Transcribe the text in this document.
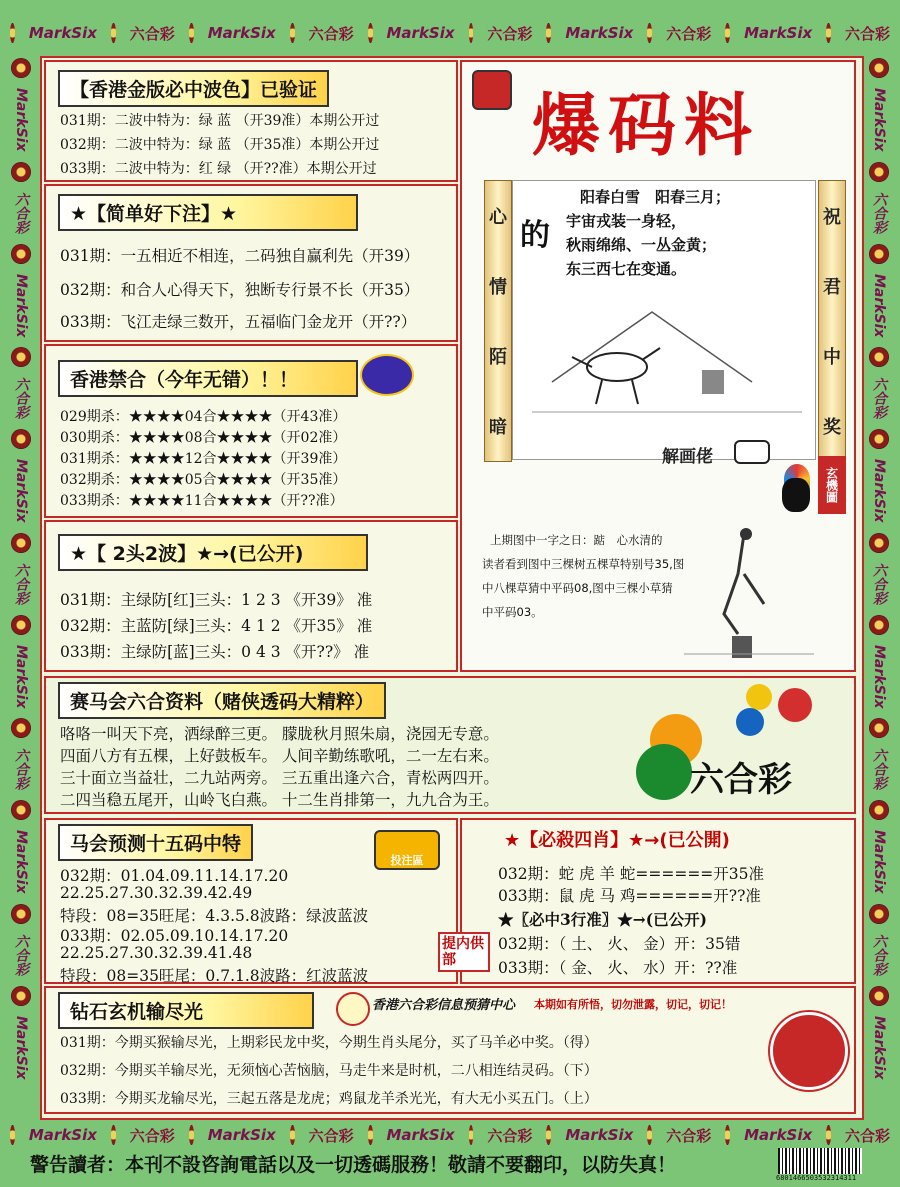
MarkSix 六合彩 MarkSix 六合彩 MarkSix 六合彩 MarkSix 六合彩 MarkSix 六合彩
MarkSix 六合彩 MarkSix 六合彩 MarkSix 六合彩 MarkSix 六合彩 MarkSix 六合彩
MarkSix
六合彩
MarkSix
六合彩
MarkSix
六合彩
MarkSix
六合彩
MarkSix
六合彩
MarkSix
MarkSix
六合彩
MarkSix
六合彩
MarkSix
六合彩
MarkSix
六合彩
MarkSix
六合彩
MarkSix
【香港金版必中波色】已验证
031期：二波中特为：绿 蓝 （开39准）本期公开过
032期：二波中特为：绿 蓝 （开35准）本期公开过
033期：二波中特为：红 绿 （开??准）本期公开过
★【简单好下注】★
031期：一五相近不相连，二码独自赢利先（开39）
032期：和合人心得天下，独断专行景不长（开35）
033期：飞江走绿三数开，五福临门金龙开（开??）
香港禁合（今年无错）！！
029期杀：★★★★04合★★★★（开43准）
030期杀：★★★★08合★★★★（开02准）
031期杀：★★★★12合★★★★（开39准）
032期杀：★★★★05合★★★★（开35准）
033期杀：★★★★11合★★★★（开??准）
★【 2头2波】★→(已公开)
031期：主绿防[红]三头：1 2 3 《开39》 准
032期：主蓝防[绿]三头：4 1 2 《开35》 准
033期：主绿防[蓝]三头：0 4 3 《开??》 准
爆码料
心
情
陌
暗
祝
君
中
奖
的
阳春白雪　阳春三月；
宇宙戎装一身轻，
秋雨绵绵、一丛金黄；
东三西七在变通。
解画佬
玄機圖
上期图中一字之日：踮　心水清的
读者看到图中三棵树五棵草特别号35,图
中八棵草猜中平码08,图中三棵小草猜
中平码03。
赛马会六合资料（赌侠透码大精粹）
咯咯一叫天下亮，洒绿醉三更。 朦胧秋月照朱扇，浇园无专意。
四面八方有五棵，上好鼓板车。 人间辛勤练歌吼，二一左右来。
三十面立当益壮，二九站两旁。 三五重出逢六合，青松两四开。
二四当稳五尾开，山岭飞白燕。 十二生肖排第一，九九合为王。	六合彩
马会预测十五码中特
投注區
032期：01.04.09.11.14.17.20
22.25.27.30.32.39.42.49
特段：08=35旺尾：4.3.5.8波路：绿波蓝波
033期：02.05.09.10.14.17.20
22.25.27.30.32.39.41.48
特段：08=35旺尾：0.7.1.8波路：红波蓝波
★【必殺四肖】★→(已公開)
032期：蛇 虎 羊 蛇======开35准
033期：鼠 虎 马 鸡======开??准
★〖必中3行准〗★→(已公开)
032期：（ 土、 火、 金）开：35错
033期：（ 金、 火、 水）开：??准
提内供部
钻石玄机输尽光	香港六合彩信息预猜中心 本期如有所悟，切勿泄露，切记，切记！
031期：今期买猴输尽光，上期彩民龙中奖，今期生肖头尾分，买了马羊必中奖。（得）
032期：今期买羊输尽光，无须恼心苦恼脑，马走牛来是时机，二八相连结灵码。（下）
033期：今期买龙输尽光，三起五落是龙虎；鸡鼠龙羊杀光光，有大无小买五门。（上）
警告讀者：本刊不設咨詢電話以及一切透碼服務！敬請不要翻印，以防失真！
6801466503532314311
